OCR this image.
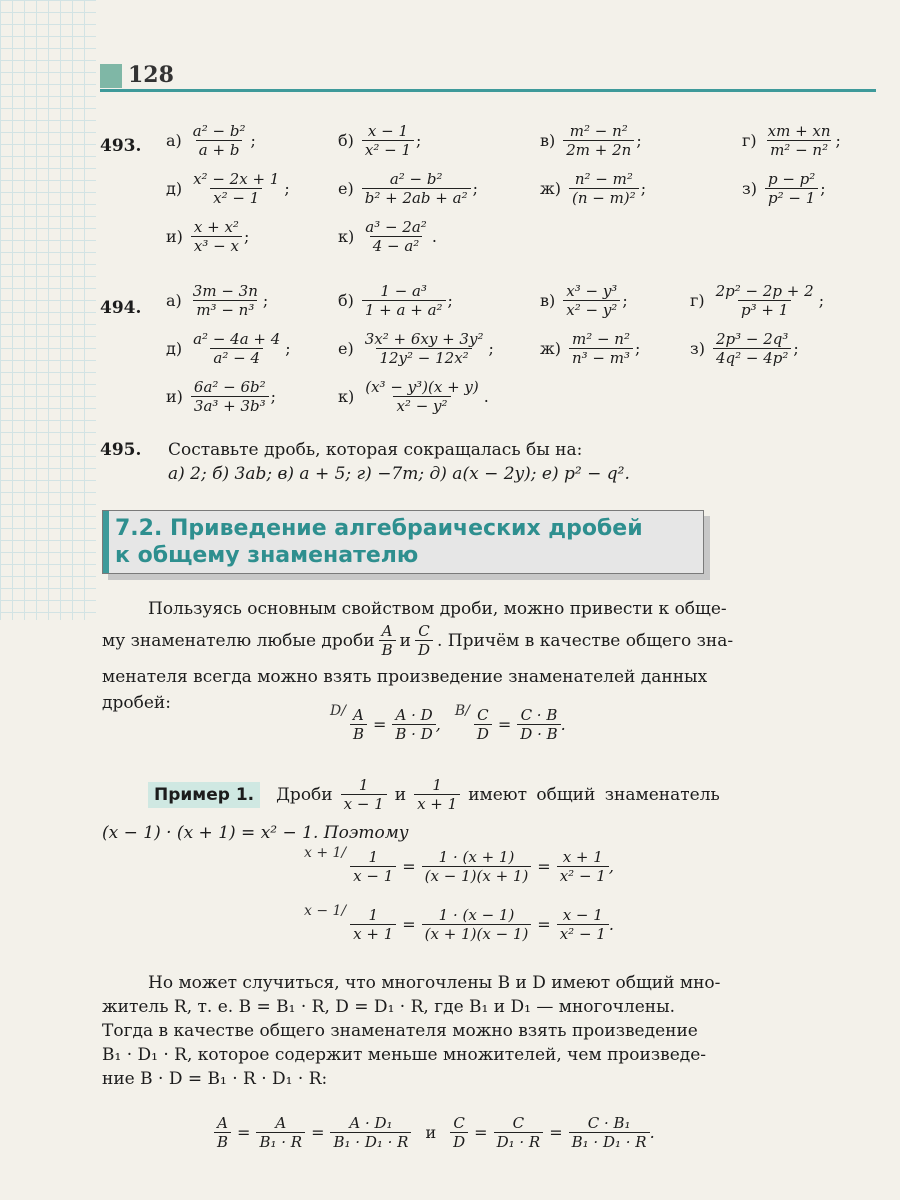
128
493. $а) \frac{\text{a² − b²}}{a + b}$ ;	$б) \frac{x - 1}{\text{x² − 1}}$ ;	$в) \frac{\text{m² − n²}}{2m + 2n}$ ;	$г) \frac{xm + xn}{\text{m² − n²}}$ ;
$д) \frac{\text{x² − 2x + 1}}{\text{x² − 1}}$ ;	$е) \frac{\text{a² − b²}}{\text{b² + 2ab + a²}}$ ;	$ж) \frac{\text{n² − m²}}{\text{(n − m)²}}$ ;	$з) \frac{\text{p − p²}}{\text{p² − 1}}$ ;
$и) \frac{\text{x + x²}}{\text{x³ − x}}$ ;	$к) \frac{\text{a³ − 2a²}}{\text{4 − a²}}$ .
494. $а) \frac{3m - 3n}{\text{m³ − n³}}$ ;	$б) \frac{\text{1 − a³}}{\text{1 + a + a²}}$ ;	$в) \frac{\text{x³ − y³}}{\text{x² − y²}}$ ;	$г) \frac{\text{2p² − 2p + 2}}{\text{p³ + 1}}$ ;
$д) \frac{\text{a² − 4a + 4}}{\text{a² − 4}}$ ;	$е) \frac{\text{3x² + 6xy + 3y²}}{\text{12y² − 12x²}}$ ;	$ж) \frac{\text{m² − n²}}{\text{n³ − m³}}$ ;	$з) \frac{\text{2p³ − 2q³}}{\text{4q² − 4p²}}$ ;
$и) \frac{\text{6a² − 6b²}}{\text{3a³ + 3b³}}$ ;	$к) \frac{\text{(x³ − y³)(x + y)}}{\text{x² − y²}}$ .
495. Составьте дробь, которая сокращалась бы на:
а) 2; б) 3ab; в) a + 5; г) −7m; д) a(x − 2y); е) p² − q².
7.2. Приведение алгебраических дробей
к общему знаменателю
Пользуясь основным свойством дроби, можно привести к обще-
му знаменателю любые дроби $\frac{A}{B}$ и $\frac{C}{D}$ . Причём в качестве общего зна-
менателя всегда можно взять произведение знаменателей данных
дробей:	$D/ \frac{A}{B} = \frac{A \cdot D}{B \cdot D}$ ,
$B/ \frac{C}{D} = \frac{C \cdot B}{D \cdot B}$ .
Пример 1.	Дроби $\frac{1}{x - 1}$ и $\frac{1}{x + 1}$ имеют общий знаменатель
(x − 1) · (x + 1) = x² − 1. Поэтому
$x + 1/ \frac{1}{x - 1} = \frac{1 \cdot (x + 1)}{(x - 1)(x + 1)} = \frac{x + 1}{\text{x² − 1}}$ ,
$x - 1/ \frac{1}{x + 1} = \frac{1 \cdot (x - 1)}{(x + 1)(x - 1)} = \frac{x - 1}{\text{x² − 1}}$ .
Но может случиться, что многочлены B и D имеют общий мно-
житель R, т. е. B = B₁ · R, D = D₁ · R, где B₁ и D₁ — многочлены.
Тогда в качестве общего знаменателя можно взять произведение
B₁ · D₁ · R, которое содержит меньше множителей, чем произведе-
ние B · D = B₁ · R · D₁ · R:
$\frac{A}{B} = \frac{A}{\text{B₁ · R}} = \frac{\text{A · D₁}}{\text{B₁ · D₁ · R}}$ и $\frac{C}{D} = \frac{C}{\text{D₁ · R}} = \frac{\text{C · B₁}}{\text{B₁ · D₁ · R}}$ .
